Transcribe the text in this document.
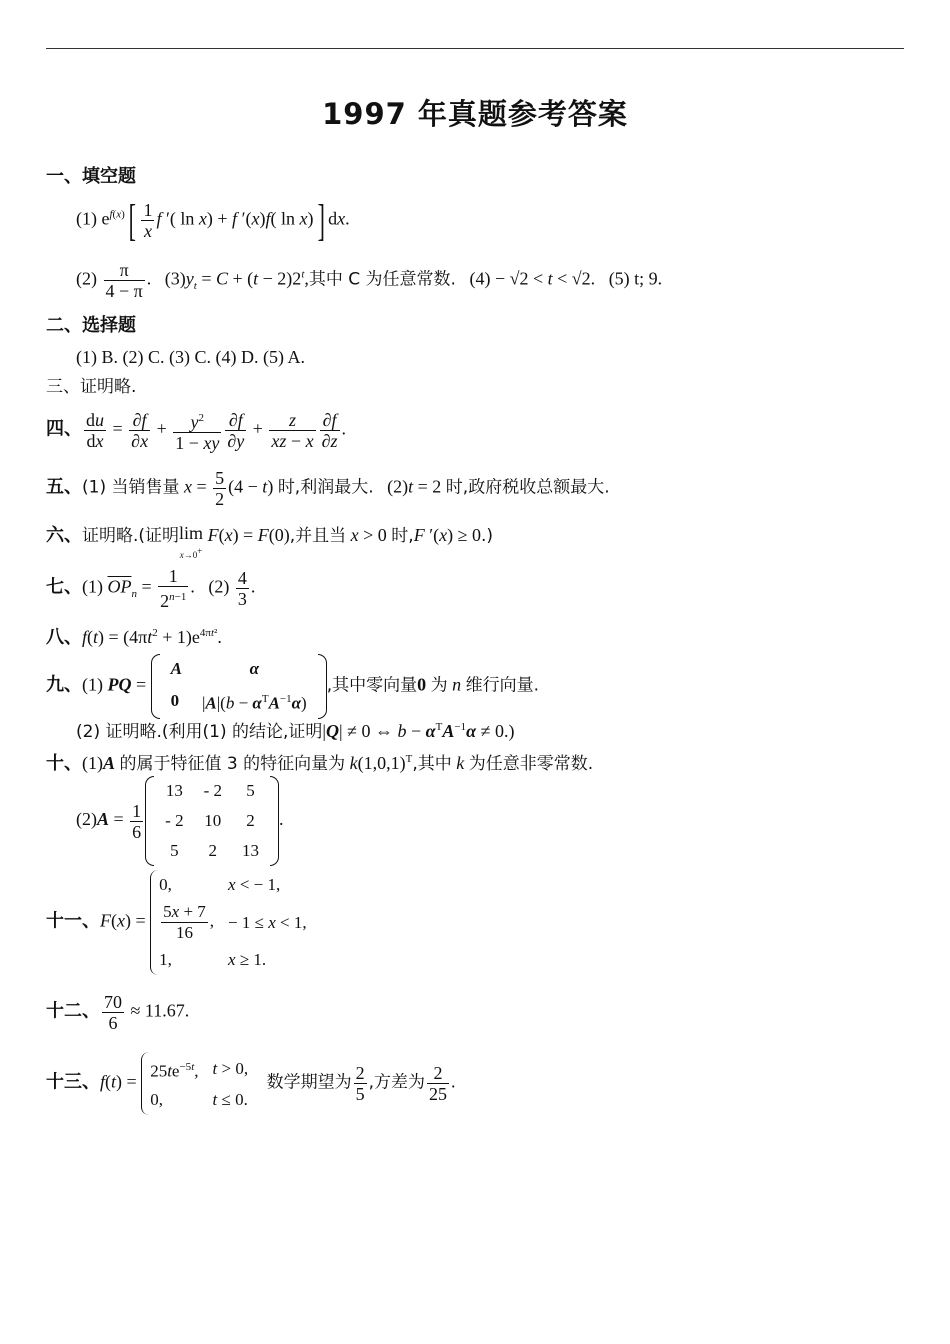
1997 年真题参考答案
一、填空题
(1) $e^{f(x)}[ \frac{1}{x}$ f ′( ln x) + f ′(x)f( ln x)] dx.
$(2) \frac{\pi}{4 - \pi}$ .   $(3)y_t = C + (t - 2)2^t$,其中 C 为任意常数.   (4) − √2 < t < √2.   (5) t; 9.
二、选择题
(1) B. (2) C. (3) C. (4) D. (5) A.
三、证明略.
四、 $\frac{du}{dx} = \frac{\partial f}{\partial x} + \frac{y^2}{1 - xy} \frac{\partial f}{\partial y} + \frac{z}{xz - x} \frac{\partial f}{\partial z}$ .
五、(1) 当销售量 $x = \frac{5}{2} (4 - t)$ 时,利润最大. (2)t = 2 时,政府税收总额最大.
六、证明略.(证明lim
x→0+ F(x) = F(0),并且当 x > 0 时,F ′(x) ≥ 0.)
七、(1) $\overline{OP}_n = \frac{1}{2^{n-1}}$ .   $(2) \frac{4}{3}$ .
八、$f(t) = (4\pi t^2 + 1)e^{4\pi t^2}$.
九、(1) PQ =
A	α
0	$|A|(b - \alpha^TA^{-1}\alpha)$
,其中零向量0 为 n 维行向量.
(2) 证明略.(利用(1) 的结论,证明|Q| ≠ 0 ⇔ $b - \alpha^TA^{-1}\alpha \ne 0$.)
十、(1)A 的属于特征值 3 的特征向量为 $k(1,0,1)^T$,其中 k 为任意非零常数.
$(2)A = \frac{1}{6}$
13	- 2	5
- 2	10	2
5	2	13
.
十一、F(x) =
0,	x < − 1,

$\frac{5x + 7}{16}$ ,	− 1 ≤ x < 1,
1,	x ≥ 1.
十二、 $\frac{70}{6} \approx 11.67$.
十三、f(t) =
$25te^{-5t}$,	t > 0,
0,	t ≤ 0.
数学期望为 $\frac{2}{5}$ ,方差为 $\frac{2}{25}$ .
